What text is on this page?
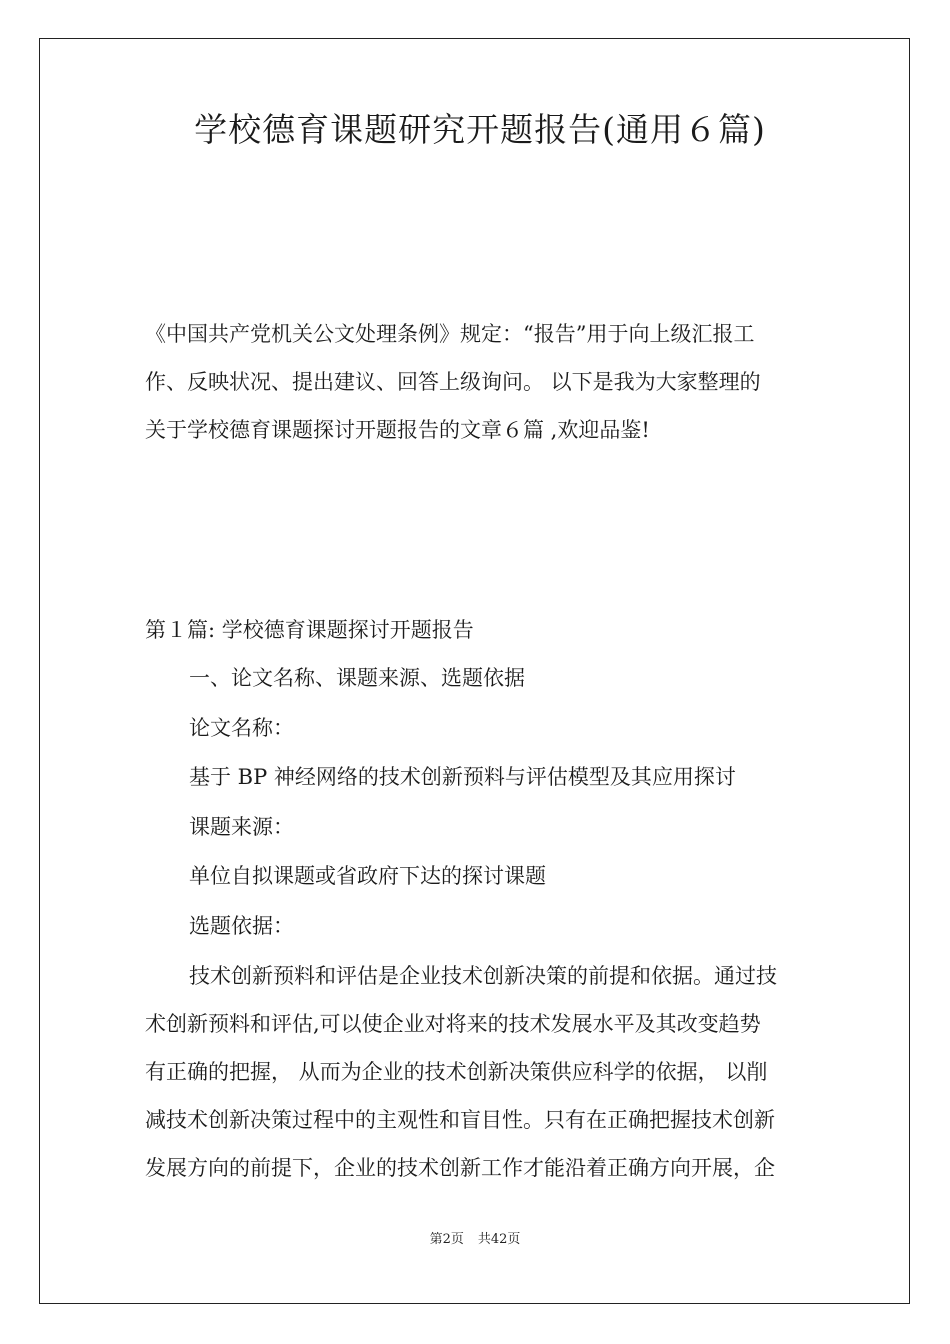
学校德育课题研究开题报告(通用６篇)
《中国共产党机关公文处理条例》规定：“报告”用于向上级汇报工
作、反映状况、提出建议、回答上级询问。 以下是我为大家整理的
关于学校德育课题探讨开题报告的文章６篇 ,欢迎品鉴!
第１篇: 学校德育课题探讨开题报告
一、论文名称、课题来源、选题依据
论文名称：
基于 BP 神经网络的技术创新预料与评估模型及其应用探讨
课题来源：
单位自拟课题或省政府下达的探讨课题
选题依据：
技术创新预料和评估是企业技术创新决策的前提和依据。通过技
术创新预料和评估,可以使企业对将来的技术发展水平及其改变趋势
有正确的把握， 从而为企业的技术创新决策供应科学的依据， 以削
减技术创新决策过程中的主观性和盲目性。只有在正确把握技术创新
发展方向的前提下，企业的技术创新工作才能沿着正确方向开展，企
第2页 共42页
